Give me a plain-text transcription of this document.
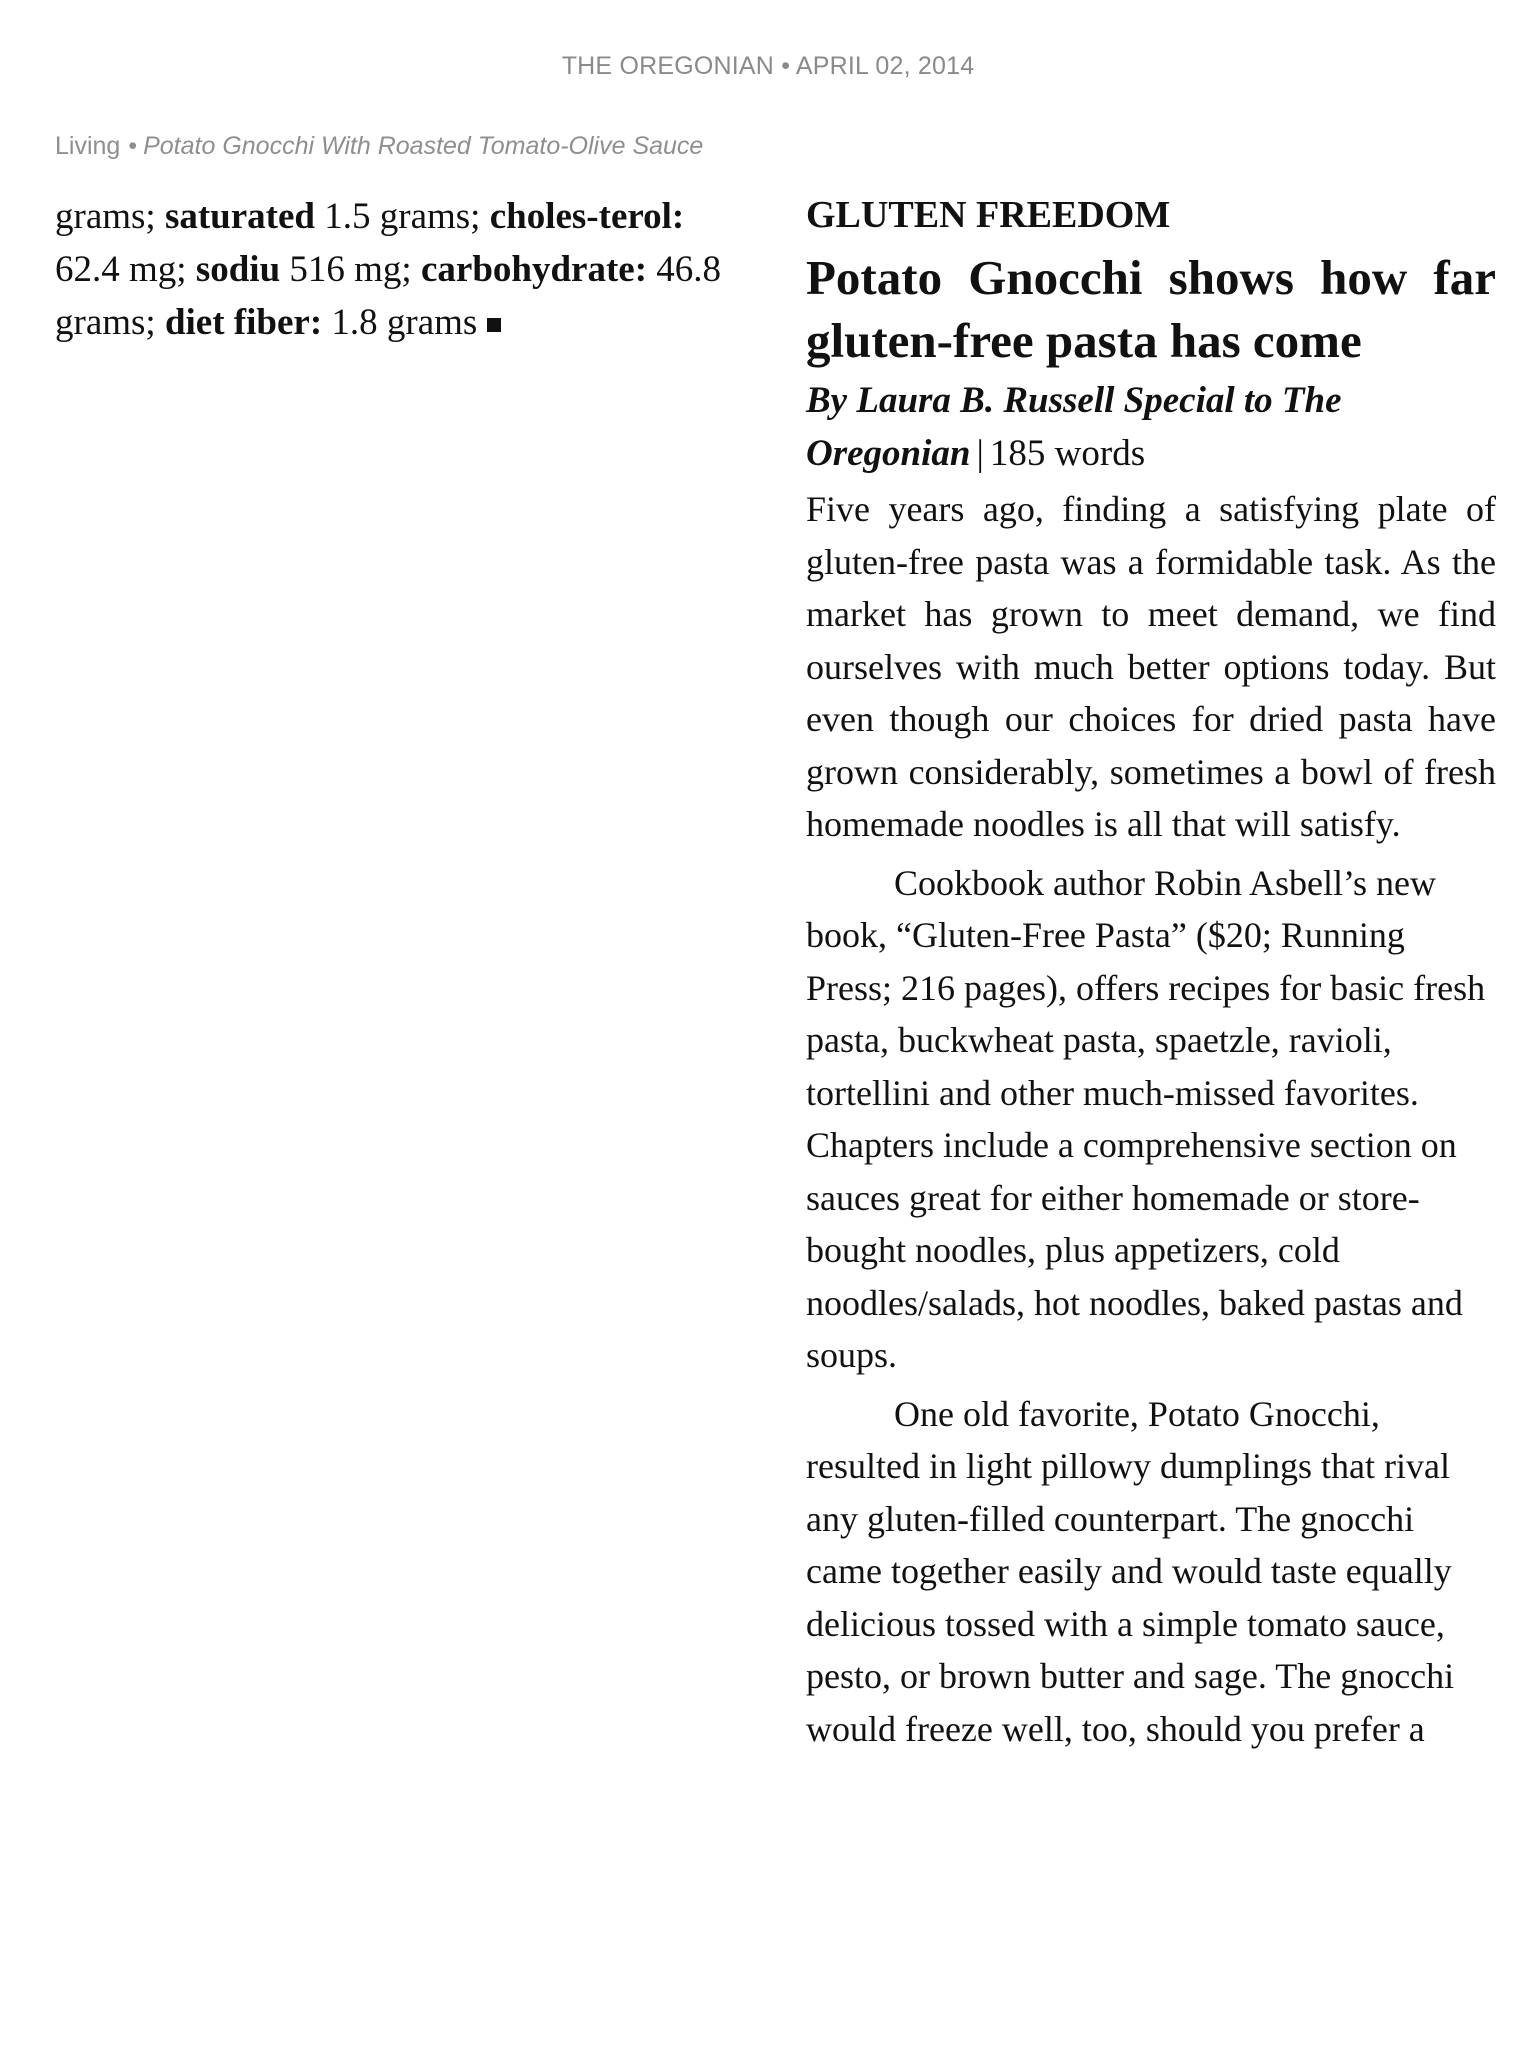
THE OREGONIAN • APRIL 02, 2014
Living • Potato Gnocchi With Roasted Tomato-Olive Sauce
grams; saturated 1.5 grams; choles-terol: 62.4 mg; sodiu 516 mg; carbohydrate: 46.8 grams; diet fiber: 1.8 grams
GLUTEN FREEDOM
Potato Gnocchi shows how far gluten-free pasta has come
By Laura B. Russell Special to The Oregonian | 185 words

Five years ago, finding a satisfying plate of gluten-free pasta was a formidable task. As the market has grown to meet demand, we find ourselves with much better options today. But even though our choices for dried pasta have grown considerably, sometimes a bowl of fresh homemade noodles is all that will satisfy.

Cookbook author Robin Asbell’s new book, “Gluten-Free Pasta” ($20; Running Press; 216 pages), offers recipes for basic fresh pasta, buckwheat pasta, spaetzle, ravioli, tortellini and other much-missed favorites. Chapters include a comprehensive section on sauces great for either homemade or store-bought noodles, plus appetizers, cold noodles/salads, hot noodles, baked pastas and soups.

One old favorite, Potato Gnocchi, resulted in light pillowy dumplings that rival any gluten-filled counterpart. The gnocchi came together easily and would taste equally delicious tossed with a simple tomato sauce, pesto, or brown butter and sage. The gnocchi would freeze well, too, should you prefer a
